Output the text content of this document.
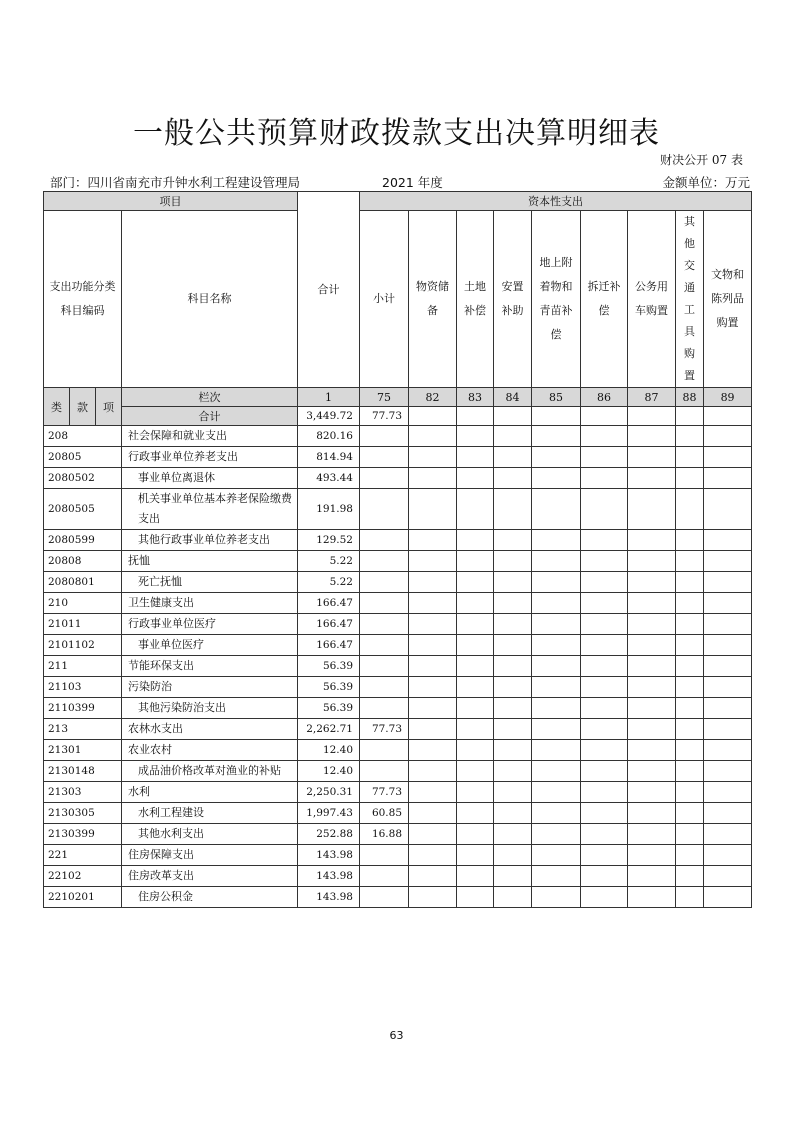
一般公共预算财政拨款支出决算明细表
财决公开 07 表
部门：四川省南充市升钟水利工程建设管理局	2021 年度	金额单位：万元
项目				合计	资本性支出								
支出功能分类科目编码			科目名称		小计	物资储备	土地补偿	安置补助	地上附着物和青苗补偿	拆迁补偿	公务用车购置	其他交通工具购置	文物和陈列品购置
类	款	项	栏次	1	75	82	83	84	85	86	87	88	89
			合计	3,449.72	77.73								
208			社会保障和就业支出	820.16									
20805			行政事业单位养老支出	814.94									
2080502			事业单位离退休	493.44									
2080505			机关事业单位基本养老保险缴费支出	191.98									
2080599			其他行政事业单位养老支出	129.52									
20808			抚恤	5.22									
2080801			死亡抚恤	5.22									
210			卫生健康支出	166.47									
21011			行政事业单位医疗	166.47									
2101102			事业单位医疗	166.47									
211			节能环保支出	56.39									
21103			污染防治	56.39									
2110399			其他污染防治支出	56.39									
213			农林水支出	2,262.71	77.73								
21301			农业农村	12.40									
2130148			成品油价格改革对渔业的补贴	12.40									
21303			水利	2,250.31	77.73								
2130305			水利工程建设	1,997.43	60.85								
2130399			其他水利支出	252.88	16.88								
221			住房保障支出	143.98									
22102			住房改革支出	143.98									
2210201			住房公积金	143.98									
63
